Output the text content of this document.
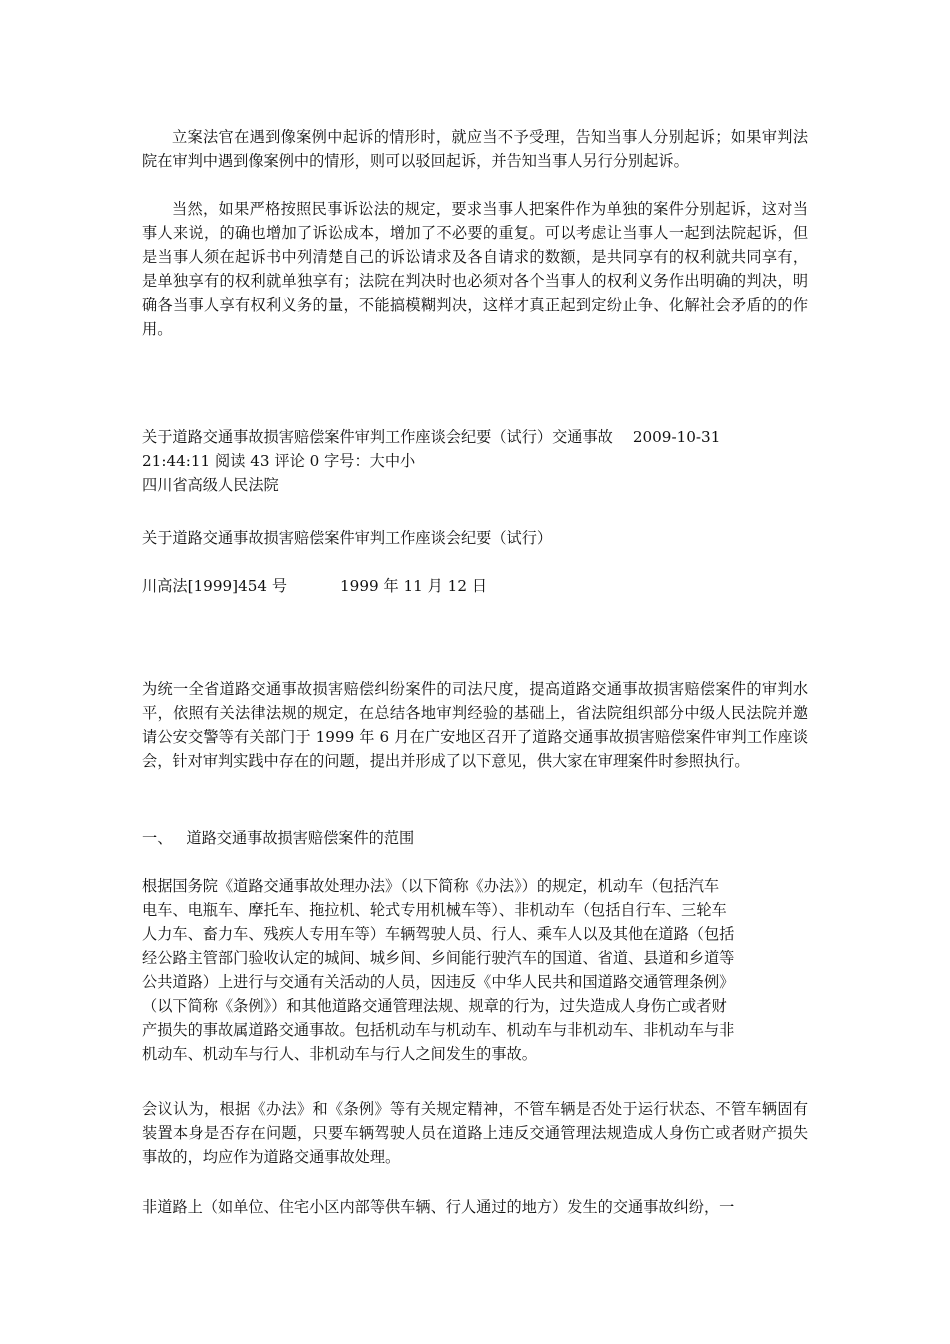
立案法官在遇到像案例中起诉的情形时，就应当不予受理，告知当事人分别起诉；如果审判法院在审判中遇到像案例中的情形，则可以驳回起诉，并告知当事人另行分别起诉。

当然，如果严格按照民事诉讼法的规定，要求当事人把案件作为单独的案件分别起诉，这对当事人来说，的确也增加了诉讼成本，增加了不必要的重复。可以考虑让当事人一起到法院起诉，但是当事人须在起诉书中列清楚自己的诉讼请求及各自请求的数额，是共同享有的权利就共同享有，是单独享有的权利就单独享有；法院在判决时也必须对各个当事人的权利义务作出明确的判决，明确各当事人享有权利义务的量，不能搞模糊判决，这样才真正起到定纷止争、化解社会矛盾的的作用。

关于道路交通事故损害赔偿案件审判工作座谈会纪要（试行）交通事故 2009-10-31
21:44:11 阅读 43 评论 0 字号：大中小
四川省高级人民法院

关于道路交通事故损害赔偿案件审判工作座谈会纪要（试行）

川高法[1999]454 号	1999 年 11 月 12 日

为统一全省道路交通事故损害赔偿纠纷案件的司法尺度，提高道路交通事故损害赔偿案件的审判水平，依照有关法律法规的规定，在总结各地审判经验的基础上，省法院组织部分中级人民法院并邀请公安交警等有关部门于 1999 年 6 月在广安地区召开了道路交通事故损害赔偿案件审判工作座谈会，针对审判实践中存在的问题，提出并形成了以下意见，供大家在审理案件时参照执行。

一、 道路交通事故损害赔偿案件的范围

根据国务院《道路交通事故处理办法》（以下简称《办法》）的规定，机动车（包括汽车
电车、电瓶车、摩托车、拖拉机、轮式专用机械车等）、非机动车（包括自行车、三轮车
人力车、畜力车、残疾人专用车等）车辆驾驶人员、行人、乘车人以及其他在道路（包括
经公路主管部门验收认定的城间、城乡间、乡间能行驶汽车的国道、省道、县道和乡道等
公共道路）上进行与交通有关活动的人员，因违反《中华人民共和国道路交通管理条例》
（以下简称《条例》）和其他道路交通管理法规、规章的行为，过失造成人身伤亡或者财
产损失的事故属道路交通事故。包括机动车与机动车、机动车与非机动车、非机动车与非
机动车、机动车与行人、非机动车与行人之间发生的事故。

会议认为，根据《办法》和《条例》等有关规定精神，不管车辆是否处于运行状态、不管车辆固有装置本身是否存在问题，只要车辆驾驶人员在道路上违反交通管理法规造成人身伤亡或者财产损失事故的，均应作为道路交通事故处理。

非道路上（如单位、住宅小区内部等供车辆、行人通过的地方）发生的交通事故纠纷，一
